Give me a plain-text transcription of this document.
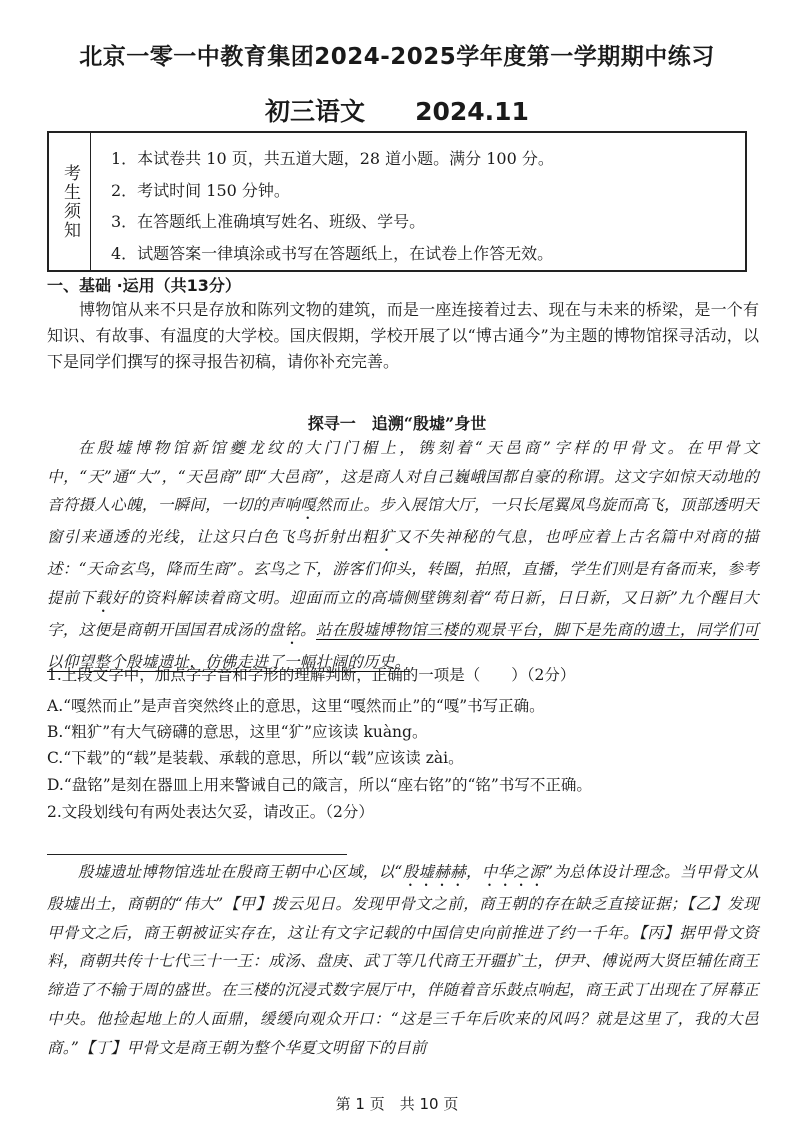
北京一零一中教育集团2024-2025学年度第一学期期中练习
初三语文 2024.11
考生须知
1．本试卷共 10 页，共五道大题，28 道小题。满分 100 分。
2．考试时间 150 分钟。
3．在答题纸上准确填写姓名、班级、学号。
4．试题答案一律填涂或书写在答题纸上，在试卷上作答无效。
一、基础 ·运用（共13分）
博物馆从来不只是存放和陈列文物的建筑，而是一座连接着过去、现在与未来的桥梁，是一个有知识、有故事、有温度的大学校。国庆假期，学校开展了以“博古通今”为主题的博物馆探寻活动，以下是同学们撰写的探寻报告初稿，请你补充完善。
探寻一　追溯“殷墟”身世
在殷墟博物馆新馆夔龙纹的大门门楣上，镌刻着“天邑商”字样的甲骨文。在甲骨文中，“天”通“大”，“天邑商”即“大邑商”，这是商人对自己巍峨国都自豪的称谓。这文字如惊天动地的音符摄人心魄，一瞬间，一切的声响嘎然而止。步入展馆大厅，一只长尾翼凤鸟旋而高飞，顶部透明天窗引来通透的光线，让这只白色飞鸟折射出粗犷又不失神秘的气息，也呼应着上古名篇中对商的描述：“天命玄鸟，降而生商”。玄鸟之下，游客们仰头，转圈，拍照，直播，学生们则是有备而来，参考提前下载好的资料解读着商文明。迎面而立的高墙侧壁镌刻着“苟日新，日日新，又日新”九个醒目大字，这便是商朝开国国君成汤的盘铭。站在殷墟博物馆三楼的观景平台，脚下是先商的遗土，同学们可以仰望整个殷墟遗址，仿佛走进了一幅壮阔的历史。
1.上段文字中，加点字字音和字形的理解判断，正确的一项是（　　）（2分）
A.“嘎然而止”是声音突然终止的意思，这里“嘎然而止”的“嘎”书写正确。
B.“粗犷”有大气磅礴的意思，这里“犷”应该读 kuàng。
C.“下载”的“载”是装载、承载的意思，所以“载”应该读 zài。
D.“盘铭”是刻在器皿上用来警诫自己的箴言，所以“座右铭”的“铭”书写不正确。
2.文段划线句有两处表达欠妥，请改正。（2分）
殷墟遗址博物馆选址在殷商王朝中心区域，以“殷墟赫赫，中华之源”为总体设计理念。当甲骨文从殷墟出土，商朝的“伟大”【甲】拨云见日。发现甲骨文之前，商王朝的存在缺乏直接证据；【乙】发现甲骨文之后，商王朝被证实存在，这让有文字记载的中国信史向前推进了约一千年。【丙】据甲骨文资料，商朝共传十七代三十一王：成汤、盘庚、武丁等几代商王开疆扩土，伊尹、傅说两大贤臣辅佐商王缔造了不输于周的盛世。在三楼的沉浸式数字展厅中，伴随着音乐鼓点响起，商王武丁出现在了屏幕正中央。他捡起地上的人面鼎，缓缓向观众开口：“这是三千年后吹来的风吗？就是这里了，我的大邑商。”【丁】甲骨文是商王朝为整个华夏文明留下的目前
第 1 页　共 10 页
